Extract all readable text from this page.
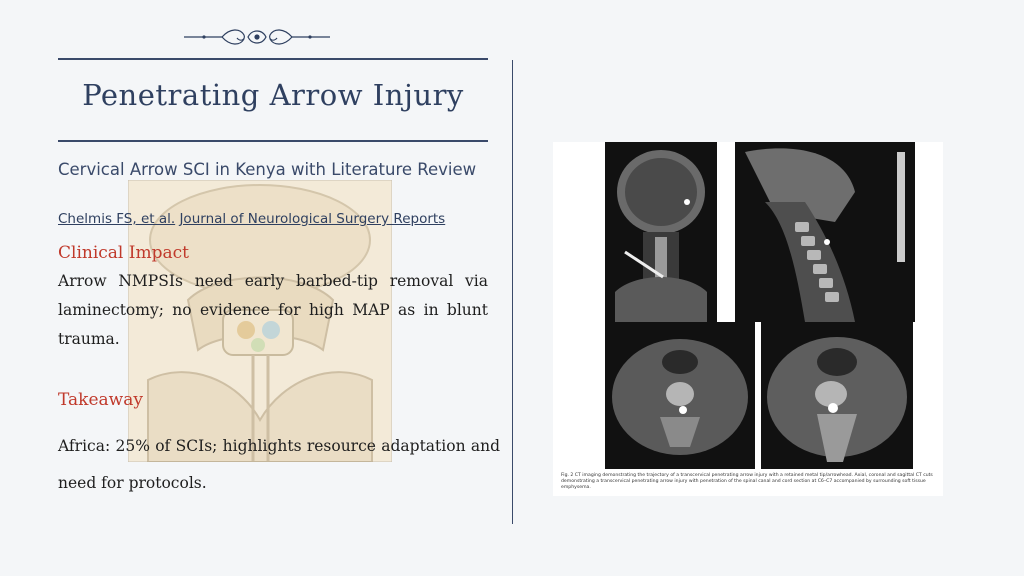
Penetrating Arrow Injury
Cervical Arrow SCI in Kenya with Literature Review
Chelmis FS, et al. Journal of Neurological Surgery Reports
Clinical Impact
Arrow NMPSIs need early barbed-tip removal via laminectomy; no evidence for high MAP as in blunt trauma.
Takeaway
Africa: 25% of SCIs; highlights resource adaptation and need for protocols.	Fig. 2 CT imaging demonstrating the trajectory of a transcervical penetrating arrow injury with a retained metal tip/arrowhead. Axial, coronal and sagittal CT cuts demonstrating a transcervical penetrating arrow injury with penetration of the spinal canal and cord section at C6–C7 accompanied by surrounding soft tissue emphysema.
